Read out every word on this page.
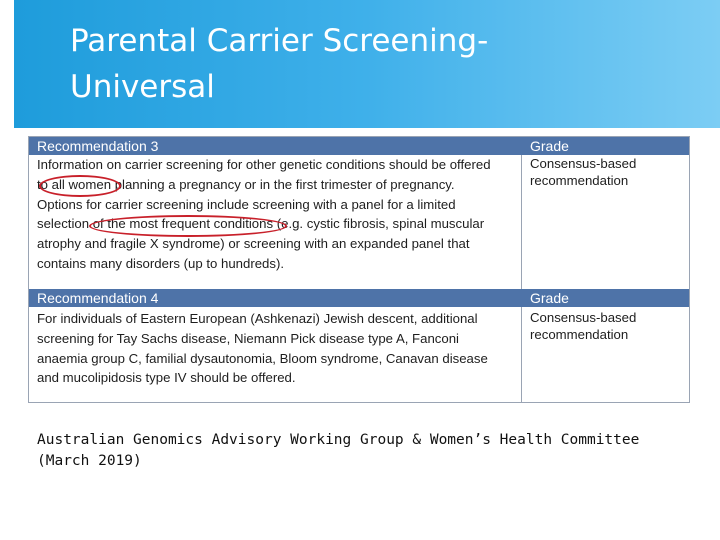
Parental Carrier Screening-
Universal
Recommendation 3	Grade
Information on carrier screening for other genetic conditions should be offered
to all women planning a pregnancy or in the first trimester of pregnancy.
Options for carrier screening include screening with a panel for a limited
selection of the most frequent conditions (e.g. cystic fibrosis, spinal muscular
atrophy and fragile X syndrome) or screening with an expanded panel that
contains many disorders (up to hundreds).
Consensus-based
recommendation
Recommendation 4	Grade
For individuals of Eastern European (Ashkenazi) Jewish descent, additional
screening for Tay Sachs disease, Niemann Pick disease type A, Fanconi
anaemia group C, familial dysautonomia, Bloom syndrome, Canavan disease
and mucolipidosis type IV should be offered.
Consensus-based
recommendation
Australian Genomics Advisory Working Group & Women’s Health Committee
(March 2019)
